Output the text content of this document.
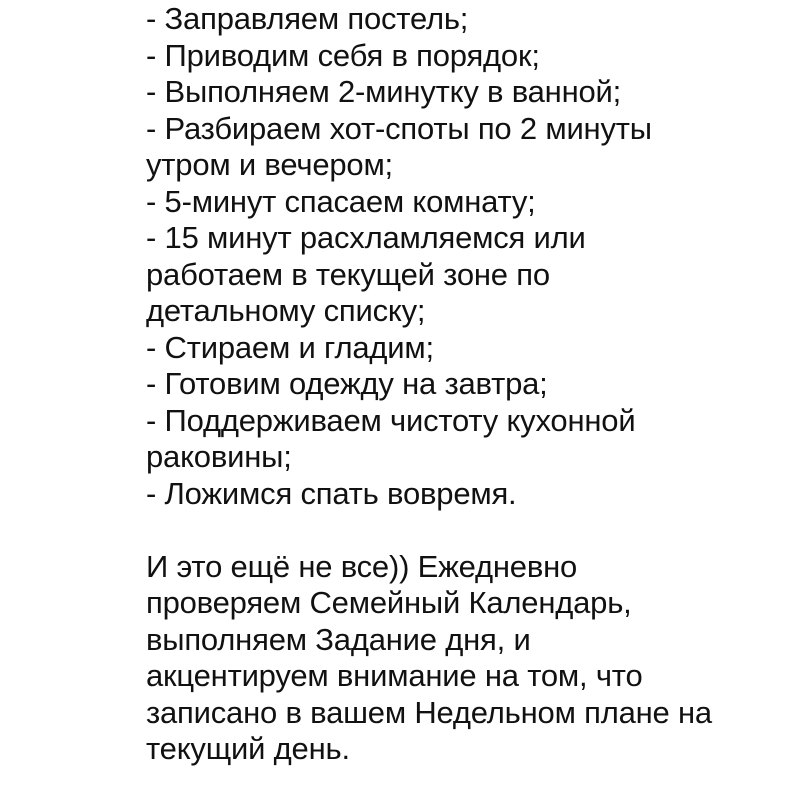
- Заправляем постель;
- Приводим себя в порядок;
- Выполняем 2-минутку в ванной;
- Разбираем хот-споты по 2 минуты
утром и вечером;
- 5-минут спасаем комнату;
- 15 минут расхламляемся или
работаем в текущей зоне по
детальному списку;
- Стираем и гладим;
- Готовим одежду на завтра;
- Поддерживаем чистоту кухонной
раковины;
- Ложимся спать вовремя.
И это ещё не все)) Ежедневно
проверяем Семейный Календарь,
выполняем Задание дня, и
акцентируем внимание на том, что
записано в вашем Недельном плане на
текущий день.
